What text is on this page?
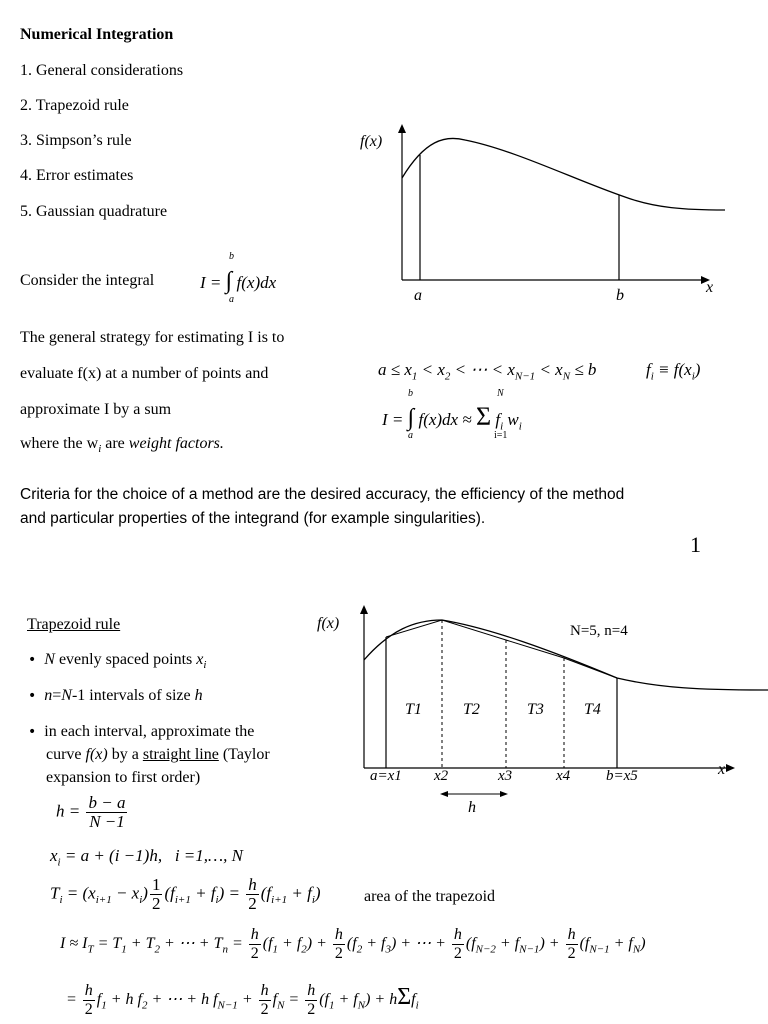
Numerical Integration
1. General considerations
2. Trapezoid rule
3. Simpson’s rule
4. Error estimates
5. Gaussian quadrature
Consider the integral	I = ∫ f(x)dx
b
a
f(x)
x
a	b
The general strategy for estimating I is to
evaluate f(x) at a number of points and
approximate I by a sum
where the $w_i$ are weight factors.
$a \le x_1 < x_2$ < ⋯ < $x_{N-1} < x_N \le b$	$f_i \equiv f(x_i)$
I = ∫ f(x)dx ≈ Σ $f_i$ $w_i$
b
a
N
i=1
Criteria for the choice of a method are the desired accuracy, the efficiency of the method
and particular properties of the integrand (for example singularities).
1
Trapezoid rule
• N evenly spaced points $x_i$
• n=N-1 intervals of size h
• in each interval, approximate the
curve f(x) by a straight line (Taylor
expansion to first order)
f(x)
x
N=5, n=4
T1	T2	T3	T4
a=x1 x2	x3	x4 b=x5
h
$h = \frac{b - a}{N -1}$
$x_i = a + (i -1)h$,   i =1,…, N
$T_i = (x_{i+1} - x_i) \frac{1}{2} (f_{i+1} + f_i) = \frac{h}{2} (f_{i+1} + f_i)$	area of the trapezoid
$I \approx I_T = T_1 + T_2$ + ⋯ + $T_n = \frac{h}{2} (f_1 + f_2) + \frac{h}{2} (f_2 + f_3)$ + ⋯ + $\frac{h}{2} (f_{N-2} + f_{N-1}) + \frac{h}{2} (f_{N-1} + f_N)$
= $\frac{h}{2} f_1 + h$ $f_2$ + ⋯ + h $f_{N-1} + \frac{h}{2} f_N = \frac{h}{2} (f_1 + f_N) + h\Sigma f_i$
